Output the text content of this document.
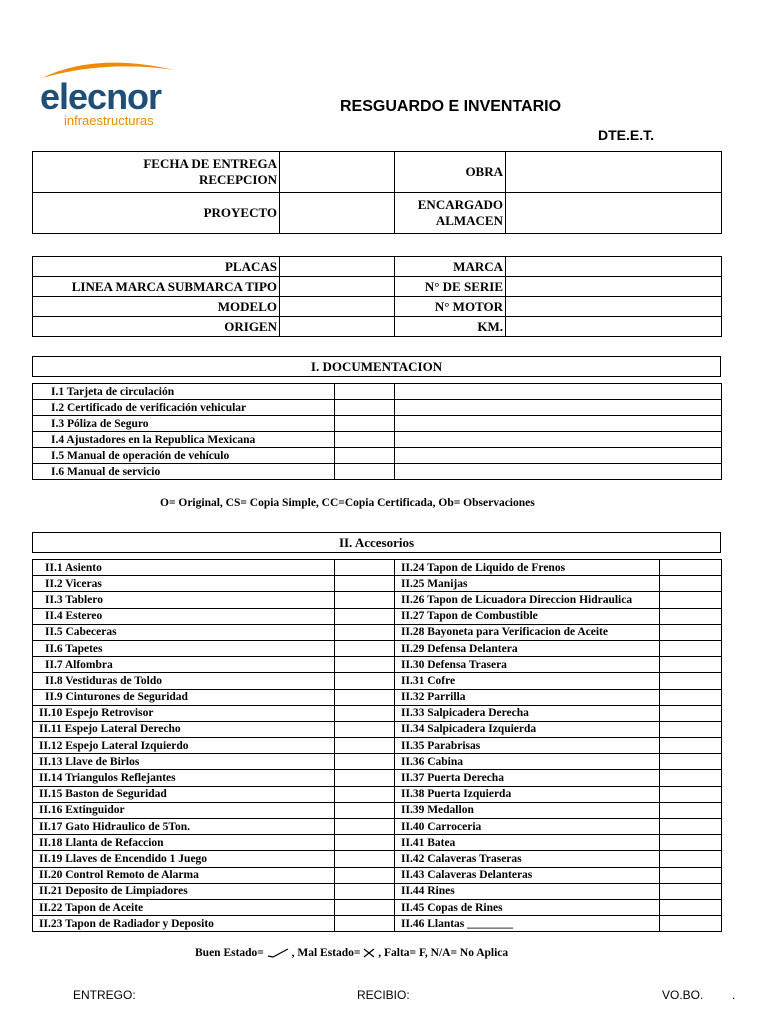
elecnor
infraestructuras
RESGUARDO E INVENTARIO
DTE.E.T.
FECHA DE ENTREGA
RECEPCION		OBRA	
PROYECTO		ENCARGADO
ALMACEN	

PLACAS		MARCA	
LINEA MARCA SUBMARCA TIPO		N° DE SERIE	
MODELO		N° MOTOR	
ORIGEN		KM.	
I. DOCUMENTACION
I.1 Tarjeta de circulación		
I.2 Certificado de verificación vehicular		
I.3 Póliza de Seguro		
I.4 Ajustadores en la Republica Mexicana		
I.5 Manual de operación de vehículo		
I.6 Manual de servicio		
O= Original, CS= Copia Simple, CC=Copia Certificada, Ob= Observaciones
II. Accesorios
II.1 Asiento		II.24 Tapon de Liquido de Frenos	
II.2 Viceras		II.25 Manijas	
II.3 Tablero		II.26 Tapon de Licuadora Direccion Hidraulica	
II.4 Estereo		II.27 Tapon de Combustible	
II.5 Cabeceras		II.28 Bayoneta para Verificacion de Aceite	
II.6 Tapetes		II.29 Defensa Delantera	
II.7 Alfombra		II.30 Defensa Trasera	
II.8 Vestiduras de Toldo		II.31 Cofre	
II.9 Cinturones de Seguridad		II.32 Parrilla	
II.10 Espejo Retrovisor		II.33 Salpicadera Derecha	
II.11 Espejo Lateral Derecho		II.34 Salpicadera Izquierda	
II.12 Espejo Lateral Izquierdo		II.35 Parabrisas	
II.13 Llave de Birlos		II.36 Cabina	
II.14 Triangulos Reflejantes		II.37 Puerta Derecha	
II.15 Baston de Seguridad		II.38 Puerta Izquierda	
II.16 Extinguidor		II.39 Medallon	
II.17 Gato Hidraulico de 5Ton.		II.40 Carroceria	
II.18 Llanta de Refaccion		II.41 Batea	
II.19 Llaves de Encendido 1 Juego		II.42 Calaveras Traseras	
II.20 Control Remoto de Alarma		II.43 Calaveras Delanteras	
II.21 Deposito de Limpiadores		II.44 Rines	
II.22 Tapon de Aceite		II.45 Copas de Rines	
II.23 Tapon de Radiador y Deposito		II.46 Llantas ________	
Buen Estado= , Mal Estado= , Falta= F, N/A= No Aplica
ENTREGO:	RECIBIO:	VO.BO. .
